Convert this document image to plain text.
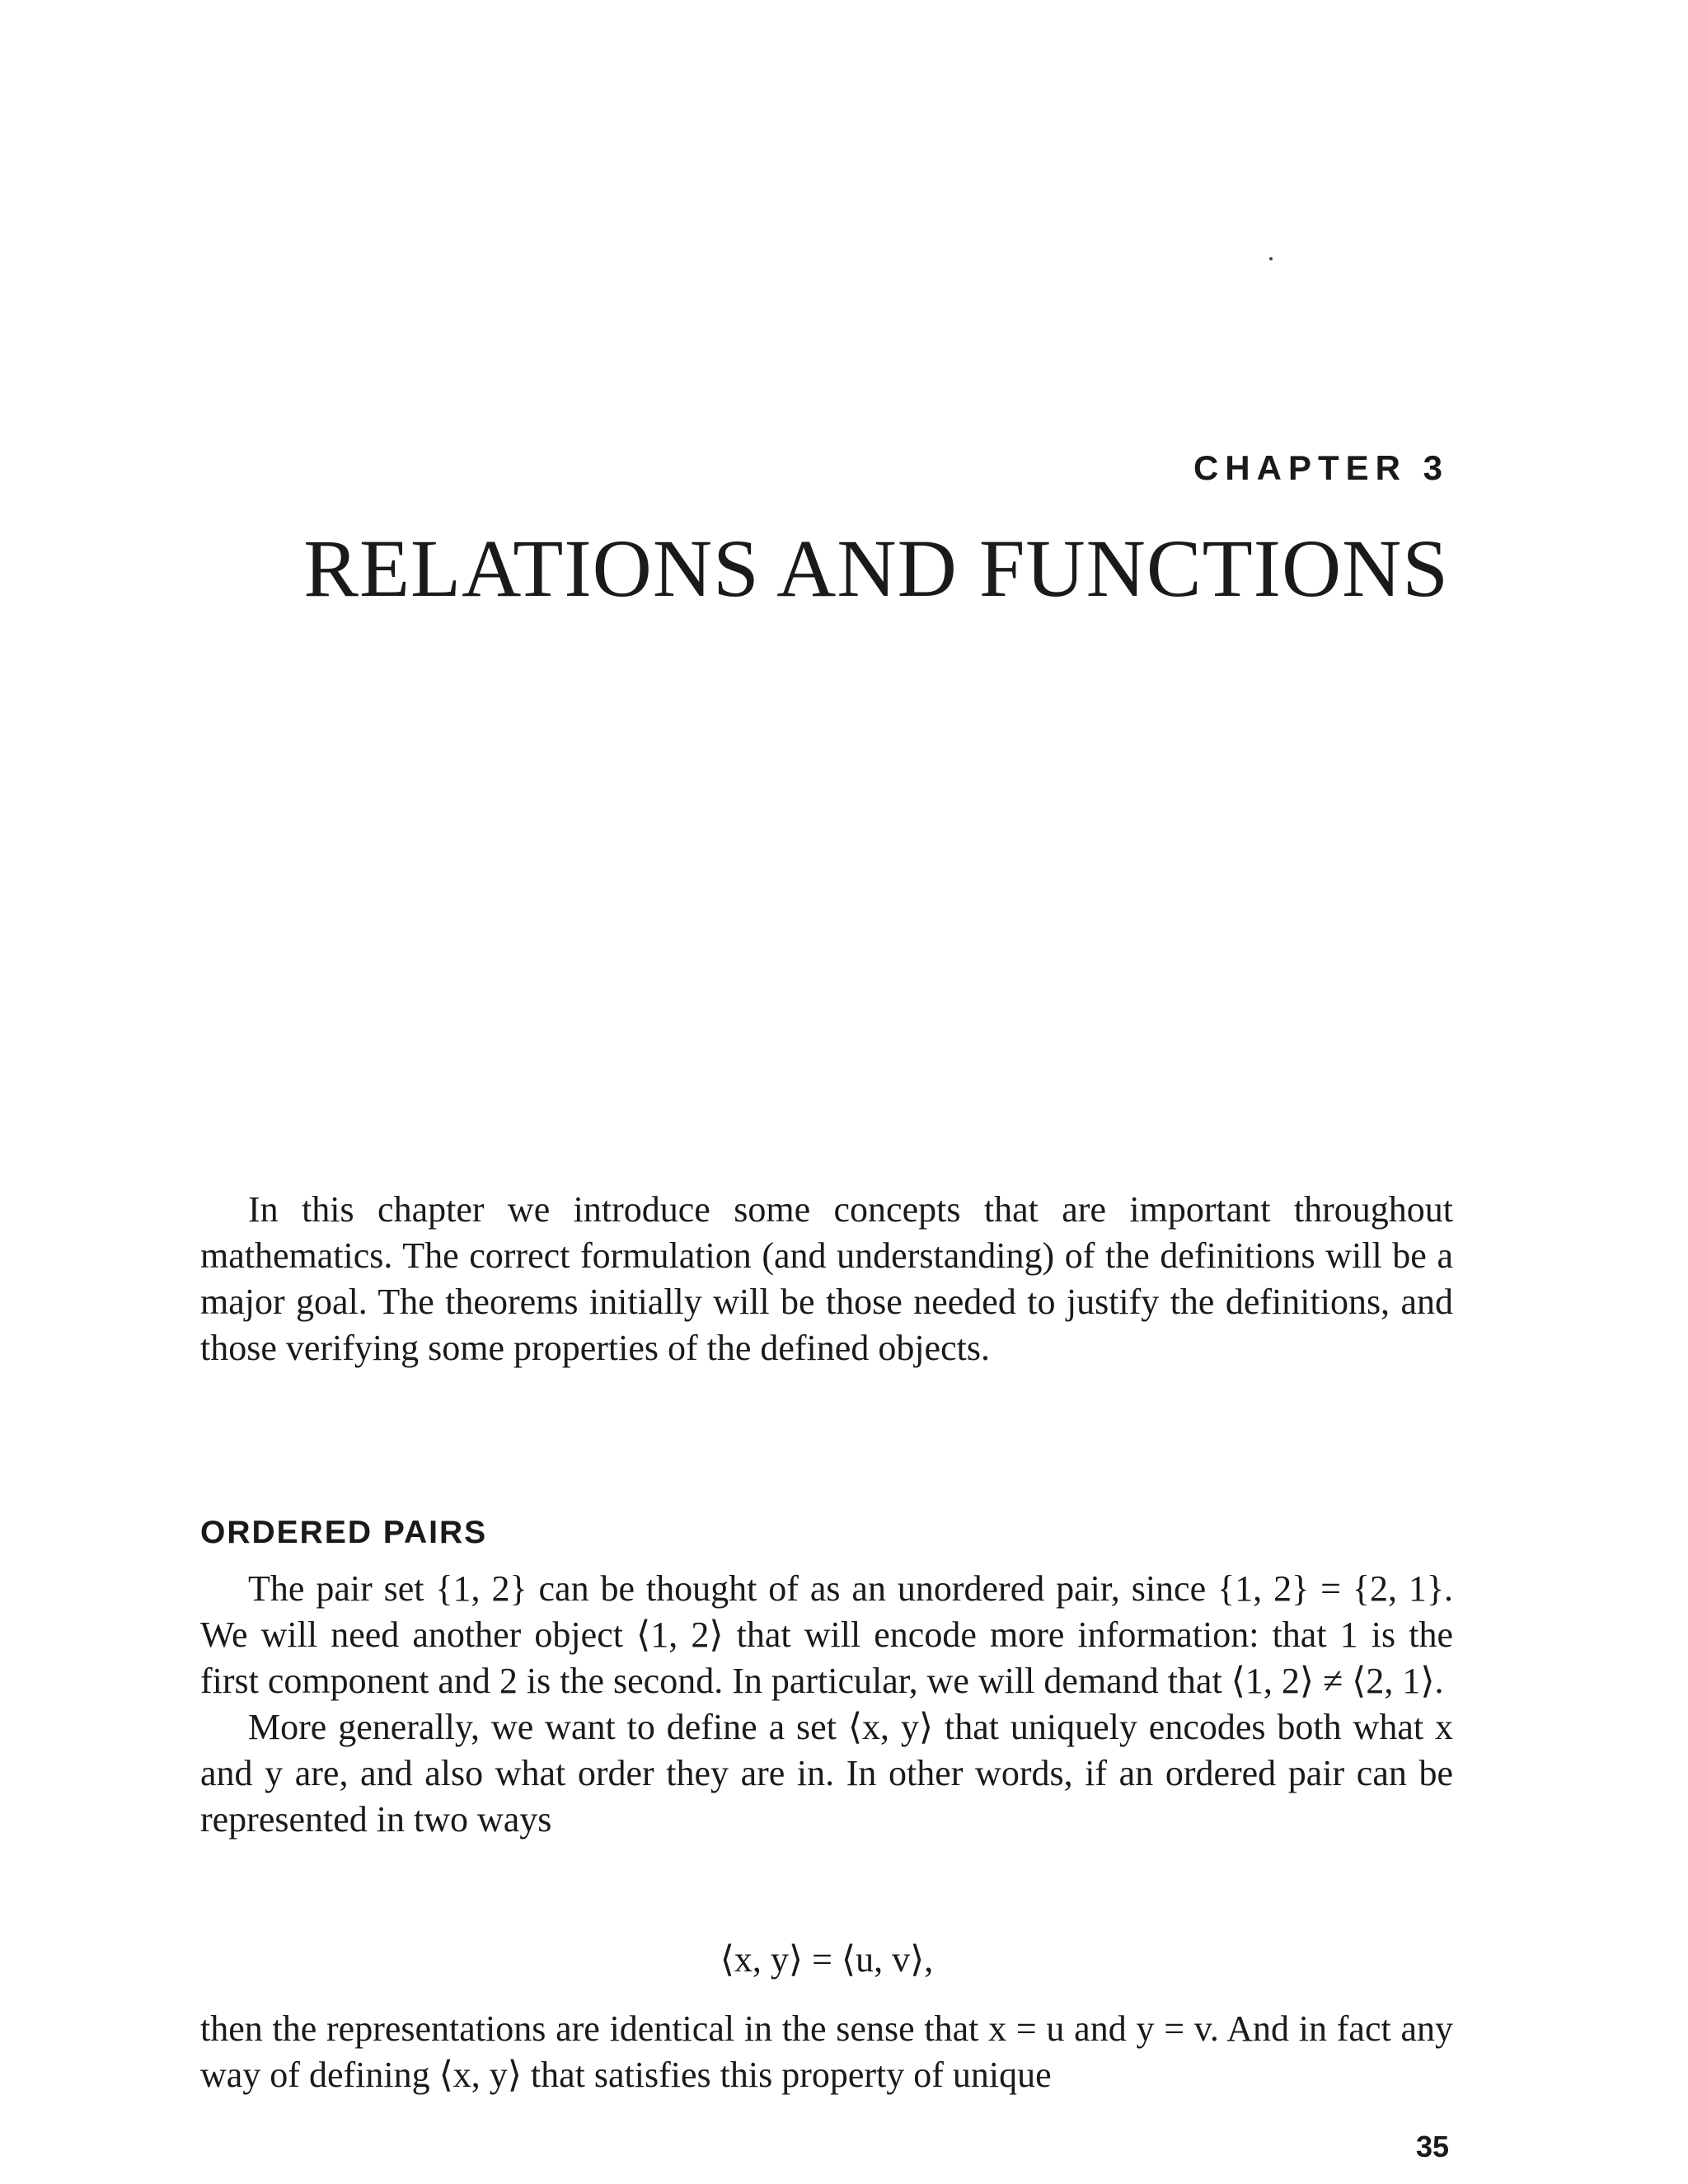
CHAPTER 3
RELATIONS AND FUNCTIONS

In this chapter we introduce some concepts that are important throughout mathematics. The correct formulation (and understanding) of the definitions will be a major goal. The theorems initially will be those needed to justify the definitions, and those verifying some properties of the defined objects.

ORDERED PAIRS

The pair set {1, 2} can be thought of as an unordered pair, since {1, 2} = {2, 1}. We will need another object ⟨1, 2⟩ that will encode more information: that 1 is the first component and 2 is the second. In particular, we will demand that ⟨1, 2⟩ ≠ ⟨2, 1⟩.

More generally, we want to define a set ⟨x, y⟩ that uniquely encodes both what x and y are, and also what order they are in. In other words, if an ordered pair can be represented in two ways

⟨x, y⟩ = ⟨u, v⟩,

then the representations are identical in the sense that x = u and y = v. And in fact any way of defining ⟨x, y⟩ that satisfies this property of unique

35
